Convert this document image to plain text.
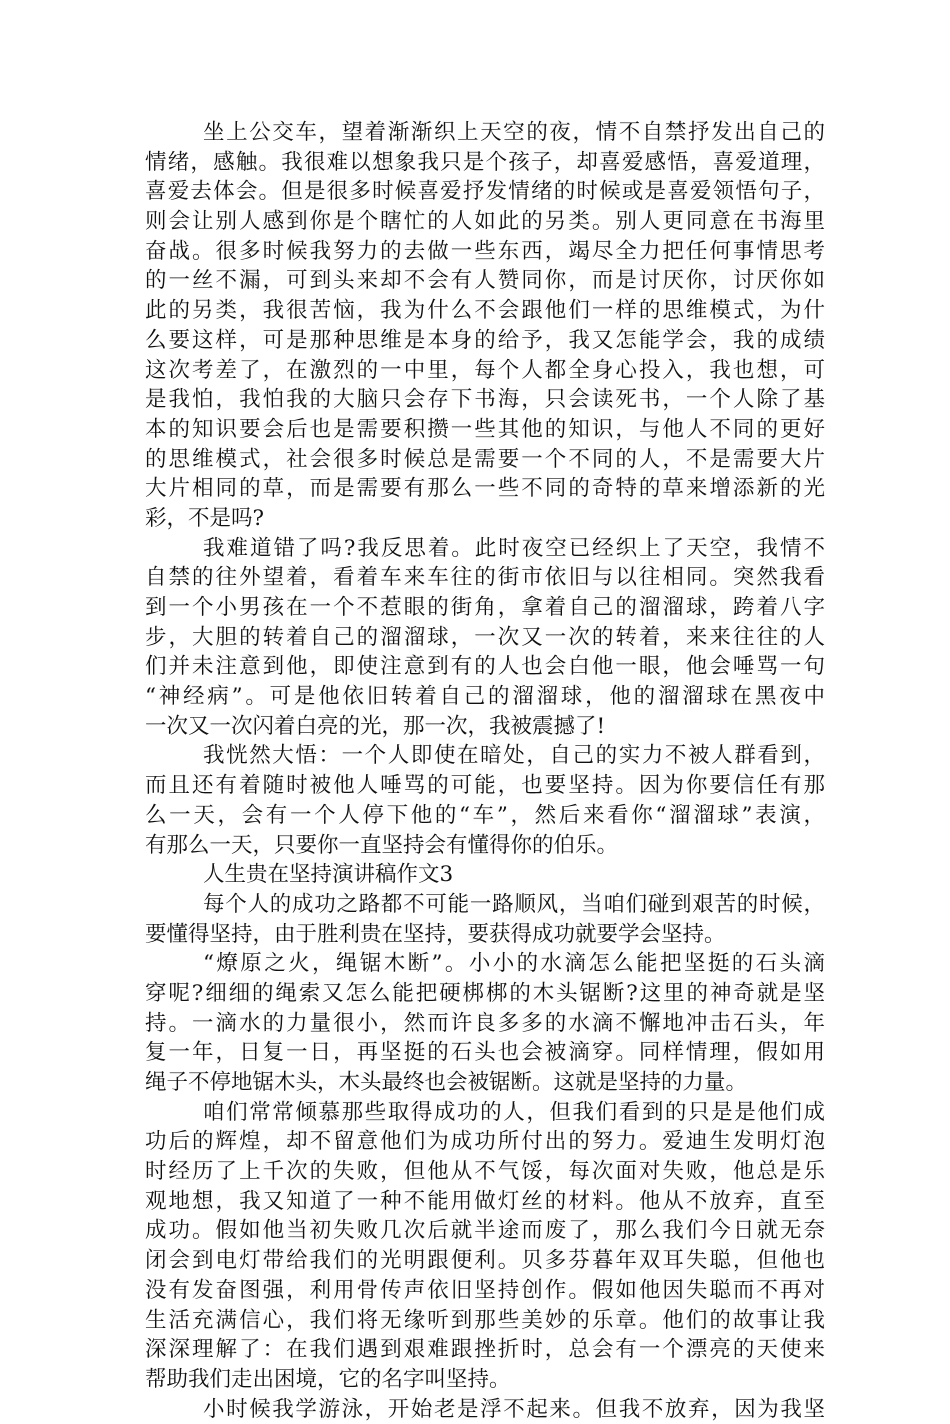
坐上公交车，望着渐渐织上天空的夜，情不自禁抒发出自己的
情绪，感触。我很难以想象我只是个孩子，却喜爱感悟，喜爱道理，
喜爱去体会。但是很多时候喜爱抒发情绪的时候或是喜爱领悟句子，
则会让别人感到你是个瞎忙的人如此的另类。别人更同意在书海里
奋战。很多时候我努力的去做一些东西，竭尽全力把任何事情思考
的一丝不漏，可到头来却不会有人赞同你，而是讨厌你，讨厌你如
此的另类，我很苦恼，我为什么不会跟他们一样的思维模式，为什
么要这样，可是那种思维是本身的给予，我又怎能学会，我的成绩
这次考差了，在激烈的一中里，每个人都全身心投入，我也想，可
是我怕，我怕我的大脑只会存下书海，只会读死书，一个人除了基
本的知识要会后也是需要积攒一些其他的知识，与他人不同的更好
的思维模式，社会很多时候总是需要一个不同的人，不是需要大片
大片相同的草，而是需要有那么一些不同的奇特的草来增添新的光
彩，不是吗?
我难道错了吗?我反思着。此时夜空已经织上了天空，我情不
自禁的往外望着，看着车来车往的街市依旧与以往相同。突然我看
到一个小男孩在一个不惹眼的街角，拿着自己的溜溜球，跨着八字
步，大胆的转着自己的溜溜球，一次又一次的转着，来来往往的人
们并未注意到他，即使注意到有的人也会白他一眼，他会唾骂一句
“神经病”。可是他依旧转着自己的溜溜球，他的溜溜球在黑夜中
一次又一次闪着白亮的光，那一次，我被震撼了!
我恍然大悟：一个人即使在暗处，自己的实力不被人群看到，
而且还有着随时被他人唾骂的可能，也要坚持。因为你要信任有那
么一天，会有一个人停下他的“车”，然后来看你“溜溜球”表演，
有那么一天，只要你一直坚持会有懂得你的伯乐。
人生贵在坚持演讲稿作文3
每个人的成功之路都不可能一路顺风，当咱们碰到艰苦的时候，
要懂得坚持，由于胜利贵在坚持，要获得成功就要学会坚持。
“燎原之火，绳锯木断”。小小的水滴怎么能把坚挺的石头滴
穿呢?细细的绳索又怎么能把硬梆梆的木头锯断?这里的神奇就是坚
持。一滴水的力量很小，然而许良多多的水滴不懈地冲击石头，年
复一年，日复一日，再坚挺的石头也会被滴穿。同样情理，假如用
绳子不停地锯木头，木头最终也会被锯断。这就是坚持的力量。
咱们常常倾慕那些取得成功的人，但我们看到的只是是他们成
功后的辉煌，却不留意他们为成功所付出的努力。爱迪生发明灯泡
时经历了上千次的失败，但他从不气馁，每次面对失败，他总是乐
观地想，我又知道了一种不能用做灯丝的材料。他从不放弃，直至
成功。假如他当初失败几次后就半途而废了，那么我们今日就无奈
闭会到电灯带给我们的光明跟便利。贝多芬暮年双耳失聪，但他也
没有发奋图强，利用骨传声依旧坚持创作。假如他因失聪而不再对
生活充满信心，我们将无缘听到那些美妙的乐章。他们的故事让我
深深理解了：在我们遇到艰难跟挫折时，总会有一个漂亮的天使来
帮助我们走出困境，它的名字叫坚持。
小时候我学游泳，开始老是浮不起来。但我不放弃，因为我坚
